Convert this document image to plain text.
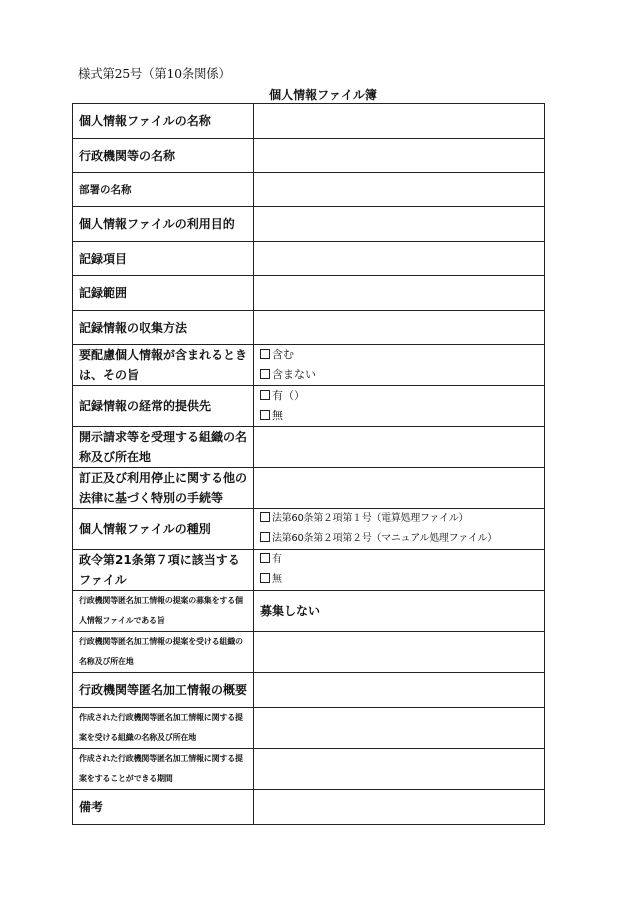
様式第25号（第10条関係）
個人情報ファイル簿
個人情報ファイルの名称	
行政機関等の名称	
部署の名称	
個人情報ファイルの利用目的	
記録項目	
記録範囲	
記録情報の収集方法	
要配慮個人情報が含まれるときは、その旨	含む
含まない

記録情報の経常的提供先	有（）
無

開示請求等を受理する組織の名称及び所在地	
訂正及び利用停止に関する他の法律に基づく特別の手続等	
個人情報ファイルの種別	法第60条第２項第１号（電算処理ファイル）
法第60条第２項第２号（マニュアル処理ファイル）

政令第21条第７項に該当するファイル	有
無

行政機関等匿名加工情報の提案の募集をする個人情報ファイルである旨	募集しない
行政機関等匿名加工情報の提案を受ける組織の名称及び所在地	
行政機関等匿名加工情報の概要	
作成された行政機関等匿名加工情報に関する提案を受ける組織の名称及び所在地	
作成された行政機関等匿名加工情報に関する提案をすることができる期間	
備考	
